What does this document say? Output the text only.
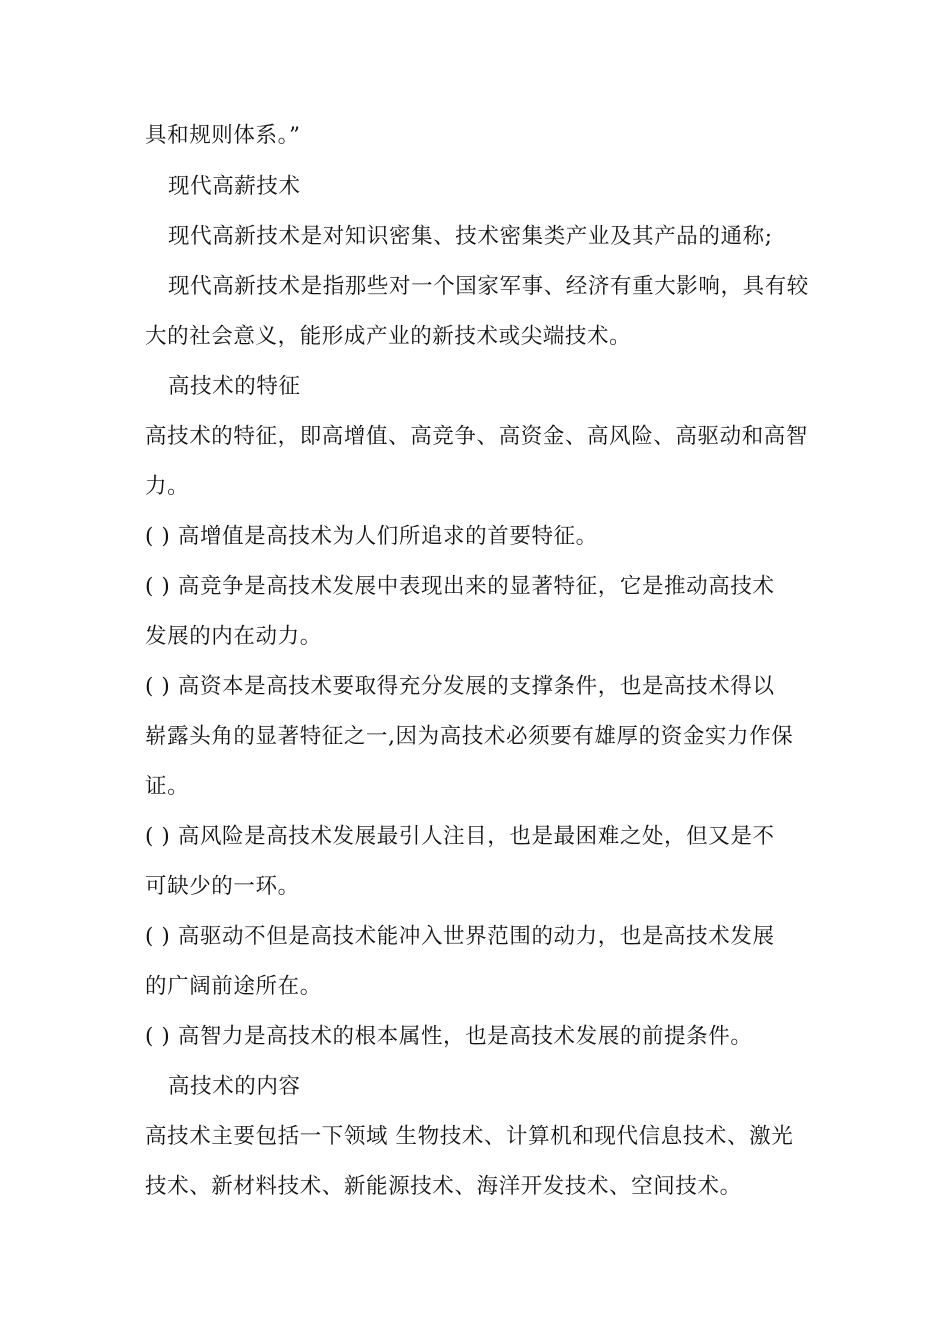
具和规则体系。”
现代高薪技术
现代高新技术是对知识密集、技术密集类产业及其产品的通称;
现代高新技术是指那些对一个国家军事、经济有重大影响，具有较
大的社会意义，能形成产业的新技术或尖端技术。
高技术的特征
高技术的特征，即高增值、高竞争、高资金、高风险、高驱动和高智
力。
( ) 高增值是高技术为人们所追求的首要特征。
( ) 高竞争是高技术发展中表现出来的显著特征，它是推动高技术
发展的内在动力。
( ) 高资本是高技术要取得充分发展的支撑条件，也是高技术得以
崭露头角的显著特征之一,因为高技术必须要有雄厚的资金实力作保
证。
( ) 高风险是高技术发展最引人注目，也是最困难之处，但又是不
可缺少的一环。
( ) 高驱动不但是高技术能冲入世界范围的动力，也是高技术发展
的广阔前途所在。
( ) 高智力是高技术的根本属性，也是高技术发展的前提条件。
高技术的内容
高技术主要包括一下领域 生物技术、计算机和现代信息技术、激光
技术、新材料技术、新能源技术、海洋开发技术、空间技术。
